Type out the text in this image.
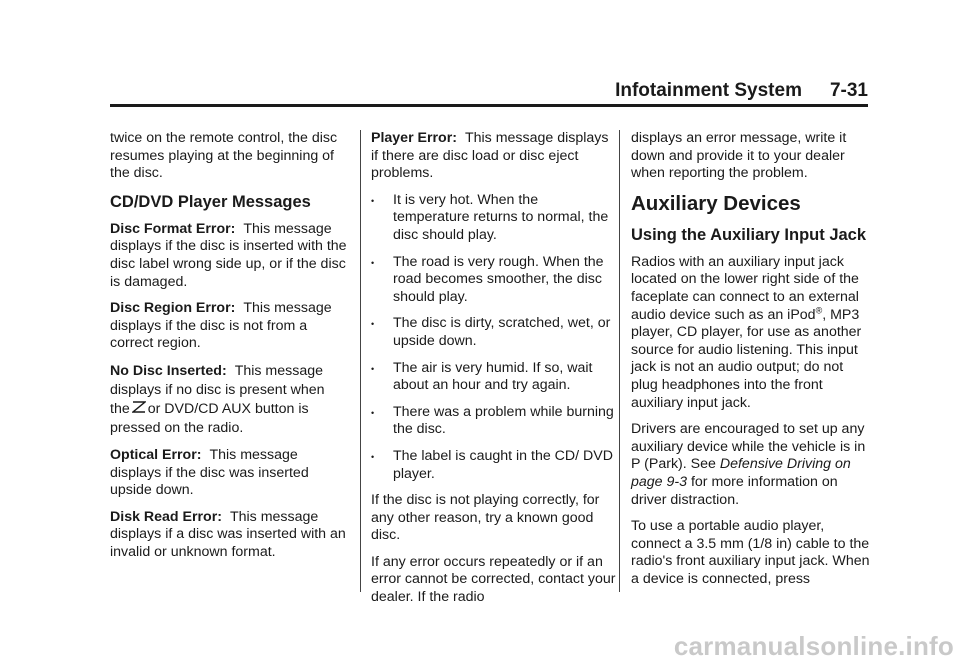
Infotainment System 7-31

twice on the remote control, the disc resumes playing at the beginning of the disc.

CD/DVD Player Messages

Disc Format Error: This message displays if the disc is inserted with the disc label wrong side up, or if the disc is damaged.

Disc Region Error: This message displays if the disc is not from a correct region.

No Disc Inserted: This message displays if no disc is present when
the or DVD/CD AUX button is pressed on the radio.

Optical Error: This message displays if the disc was inserted upside down.

Disk Read Error: This message displays if a disc was inserted with an invalid or unknown format.

Player Error: This message displays if there are disc load or disc eject problems.

• It is very hot. When the temperature returns to normal, the disc should play.
• The road is very rough. When the road becomes smoother, the disc should play.
• The disc is dirty, scratched, wet, or upside down.
• The air is very humid. If so, wait about an hour and try again.
• There was a problem while burning the disc.
• The label is caught in the CD/ DVD player.

If the disc is not playing correctly, for any other reason, try a known good disc.

If any error occurs repeatedly or if an error cannot be corrected, contact your dealer. If the radio

displays an error message, write it down and provide it to your dealer when reporting the problem.

Auxiliary Devices
Using the Auxiliary Input Jack

Radios with an auxiliary input jack located on the lower right side of the faceplate can connect to an external audio device such as an iPod®, MP3 player, CD player, for use as another source for audio listening. This input jack is not an audio output; do not plug headphones into the front auxiliary input jack.

Drivers are encouraged to set up any auxiliary device while the vehicle is in P (Park). See Defensive Driving on page 9-3 for more information on driver distraction.

To use a portable audio player, connect a 3.5 mm (1/8 in) cable to the radio's front auxiliary input jack. When a device is connected, press

carmanualsonline.info
